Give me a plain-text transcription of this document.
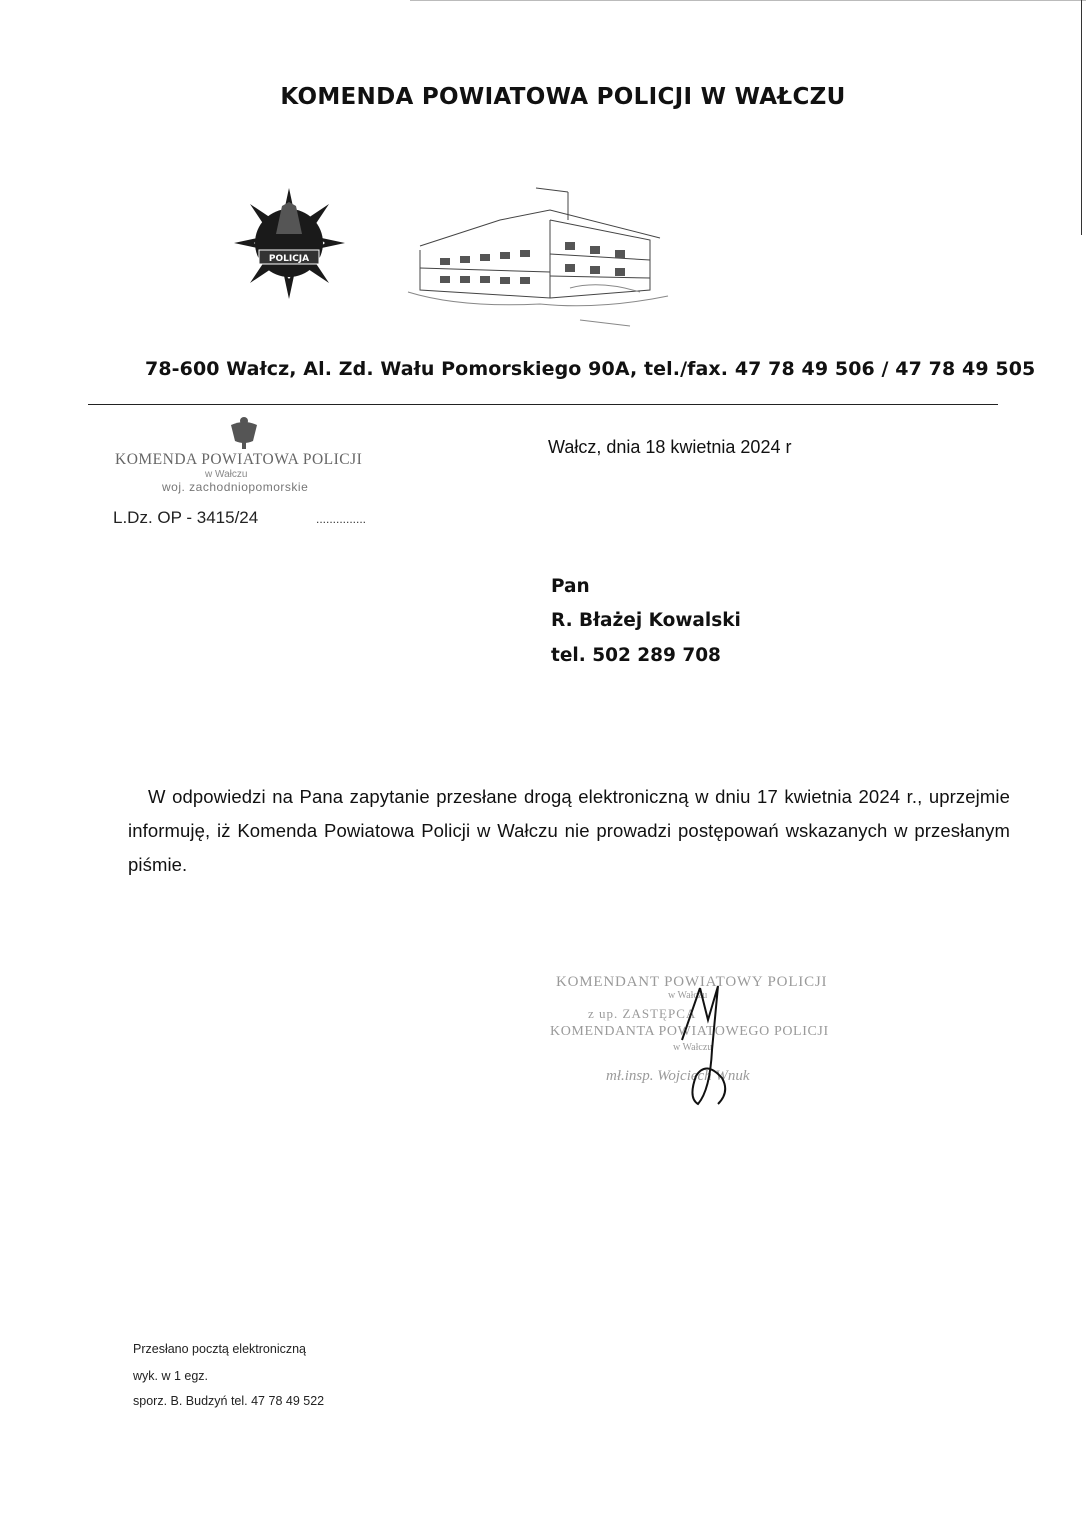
KOMENDA POWIATOWA POLICJI W WAŁCZU
POLICJA
78-600 Wałcz, Al. Zd. Wału Pomorskiego 90A, tel./fax. 47 78 49 506 / 47 78 49 505
KOMENDA POWIATOWA POLICJI
w Wałczu
woj. zachodniopomorskie
L.Dz. OP - 3415/24	...............
Wałcz, dnia 18 kwietnia 2024 r
Pan
R. Błażej Kowalski
tel. 502 289 708
W odpowiedzi na Pana zapytanie przesłane drogą elektroniczną w dniu 17 kwietnia 2024 r., uprzejmie informuję, iż Komenda Powiatowa Policji w Wałczu nie prowadzi postępowań wskazanych w przesłanym piśmie.
KOMENDANT POWIATOWY POLICJI
w Wałczu
z up. ZASTĘPCA
KOMENDANTA POWIATOWEGO POLICJI
w Wałczu
mł.insp. Wojciech Wnuk
Przesłano pocztą elektroniczną
wyk. w 1 egz.
sporz. B. Budzyń tel. 47 78 49 522
